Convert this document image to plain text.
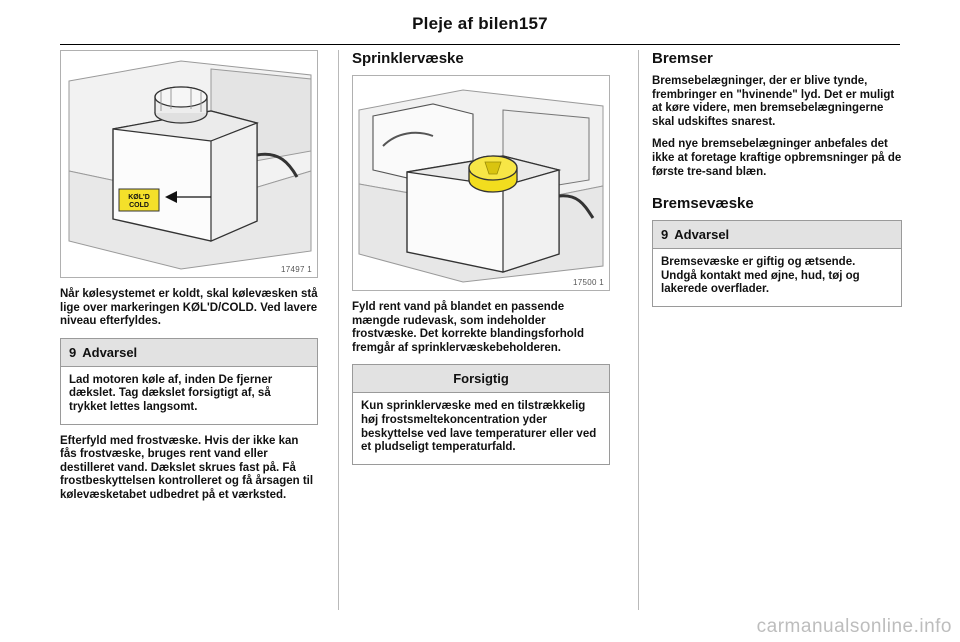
Pleje af bilen157
KØL'D
COLD
17497 1

Når kølesystemet er koldt, skal kølevæsken stå lige over markeringen KØL'D/COLD. Ved lavere niveau efterfyldes.

9 Advarsel
Lad motoren køle af, inden De fjerner dækslet. Tag dækslet forsigtigt af, så trykket lettes langsomt.

Efterfyld med frostvæske. Hvis der ikke kan fås frostvæske, bruges rent vand eller destilleret vand. Dækslet skrues fast på. Få frostbeskyttelsen kontrolleret og få årsagen til kølevæsketabet udbedret på et værksted.

Sprinklervæske
17500 1

Fyld rent vand på blandet en passende mængde rudevask, som indeholder frostvæske. Det korrekte blandingsforhold fremgår af sprinklervæskebeholderen.

Forsigtig
Kun sprinklervæske med en tilstrækkelig høj frostsmeltekoncentration yder beskyttelse ved lave temperaturer eller ved et pludseligt temperaturfald.
Bremser

Bremsebelægninger, der er blive tynde, frembringer en "hvinende" lyd. Det er muligt at køre videre, men bremsebelægningerne skal udskiftes snarest.

Med nye bremsebelægninger anbefales det ikke at foretage kraftige opbremsninger på de første tre-sand blæn.

Bremsevæske
9 Advarsel
Bremsevæske er giftig og ætsende. Undgå kontakt med øjne, hud, tøj og lakerede overflader.
carmanualsonline.info
